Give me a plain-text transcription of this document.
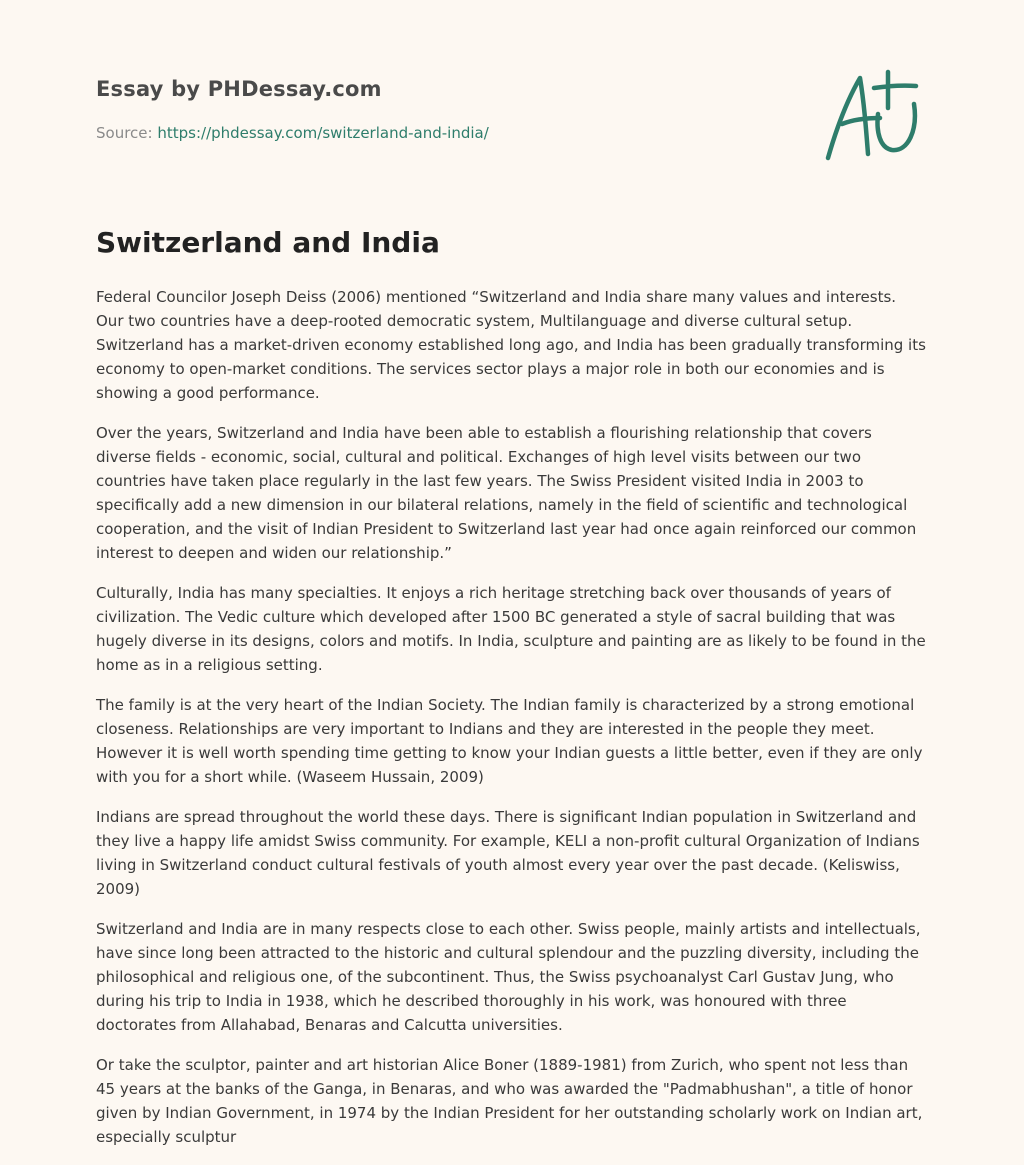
Essay by PHDessay.com
Source: https://phdessay.com/switzerland-and-india/
Switzerland and India

Federal Councilor Joseph Deiss (2006) mentioned “Switzerland and India share many values and interests. Our two countries have a deep-rooted democratic system, Multilanguage and diverse cultural setup. Switzerland has a market-driven economy established long ago, and India has been gradually transforming its economy to open-market conditions. The services sector plays a major role in both our economies and is showing a good performance.

Over the years, Switzerland and India have been able to establish a flourishing relationship that covers diverse fields - economic, social, cultural and political. Exchanges of high level visits between our two countries have taken place regularly in the last few years. The Swiss President visited India in 2003 to specifically add a new dimension in our bilateral relations, namely in the field of scientific and technological cooperation, and the visit of Indian President to Switzerland last year had once again reinforced our common interest to deepen and widen our relationship.”

Culturally, India has many specialties. It enjoys a rich heritage stretching back over thousands of years of civilization. The Vedic culture which developed after 1500 BC generated a style of sacral building that was hugely diverse in its designs, colors and motifs. In India, sculpture and painting are as likely to be found in the home as in a religious setting.

The family is at the very heart of the Indian Society. The Indian family is characterized by a strong emotional closeness. Relationships are very important to Indians and they are interested in the people they meet. However it is well worth spending time getting to know your Indian guests a little better, even if they are only with you for a short while. (Waseem Hussain, 2009)

Indians are spread throughout the world these days. There is significant Indian population in Switzerland and they live a happy life amidst Swiss community. For example, KELI a non-profit cultural Organization of Indians living in Switzerland conduct cultural festivals of youth almost every year over the past decade. (Keliswiss, 2009)

Switzerland and India are in many respects close to each other. Swiss people, mainly artists and intellectuals, have since long been attracted to the historic and cultural splendour and the puzzling diversity, including the philosophical and religious one, of the subcontinent. Thus, the Swiss psychoanalyst Carl Gustav Jung, who during his trip to India in 1938, which he described thoroughly in his work, was honoured with three doctorates from Allahabad, Benaras and Calcutta universities.

Or take the sculptor, painter and art historian Alice Boner (1889-1981) from Zurich, who spent not less than 45 years at the banks of the Ganga, in Benaras, and who was awarded the "Padmabhushan", a title of honor given by Indian Government, in 1974 by the Indian President for her outstanding scholarly work on Indian art, especially sculptur
